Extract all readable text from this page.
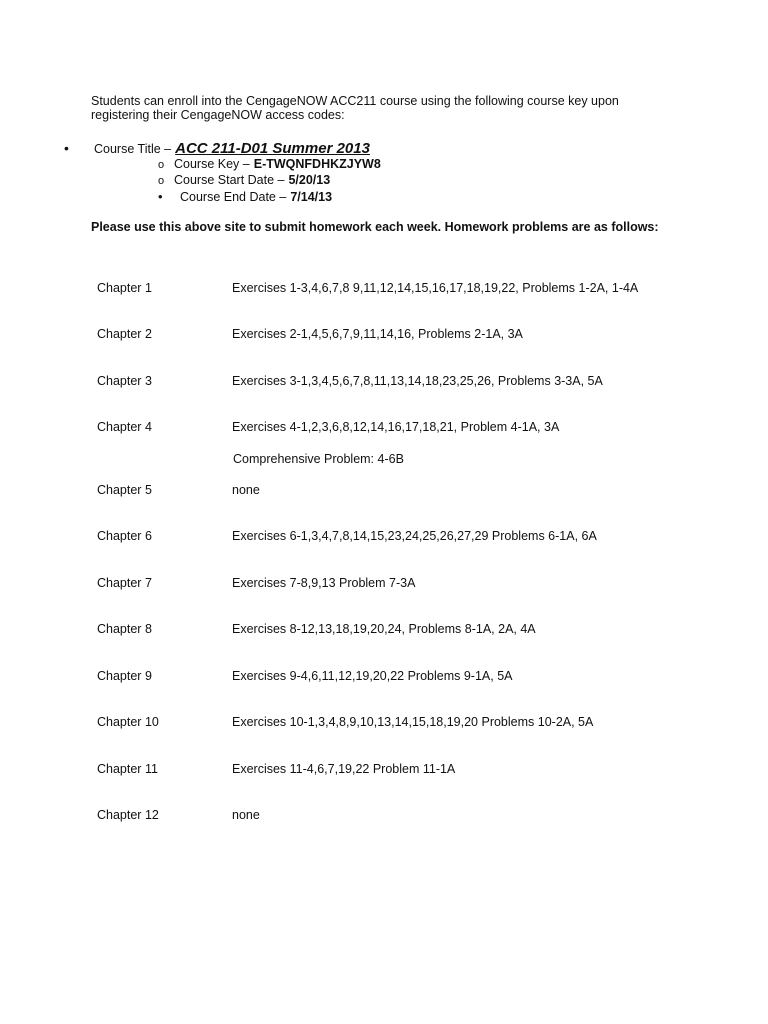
Students can enroll into the CengageNOW ACC211 course using the following course key upon

registering their CengageNOW access codes:

•	Course Title – ACC 211-D01 Summer 2013
o Course Key – E-TWQNFDHKZJYW8
o Course Start Date – 5/20/13
•	Course End Date – 7/14/13
Please use this above site to submit homework each week. Homework problems are as follows:
Chapter 1	Exercises 1-3,4,6,7,8 9,11,12,14,15,16,17,18,19,22, Problems 1-2A, 1-4A
Chapter 2	Exercises 2-1,4,5,6,7,9,11,14,16, Problems 2-1A, 3A
Chapter 3	Exercises 3-1,3,4,5,6,7,8,11,13,14,18,23,25,26, Problems 3-3A, 5A
Chapter 4	Exercises 4-1,2,3,6,8,12,14,16,17,18,21, Problem 4-1A, 3A
Comprehensive Problem: 4-6B
Chapter 5	none
Chapter 6	Exercises 6-1,3,4,7,8,14,15,23,24,25,26,27,29 Problems 6-1A, 6A
Chapter 7	Exercises 7-8,9,13 Problem 7-3A
Chapter 8	Exercises 8-12,13,18,19,20,24, Problems 8-1A, 2A, 4A
Chapter 9	Exercises 9-4,6,11,12,19,20,22 Problems 9-1A, 5A
Chapter 10	Exercises 10-1,3,4,8,9,10,13,14,15,18,19,20 Problems 10-2A, 5A
Chapter 11	Exercises 11-4,6,7,19,22 Problem 11-1A
Chapter 12	none
